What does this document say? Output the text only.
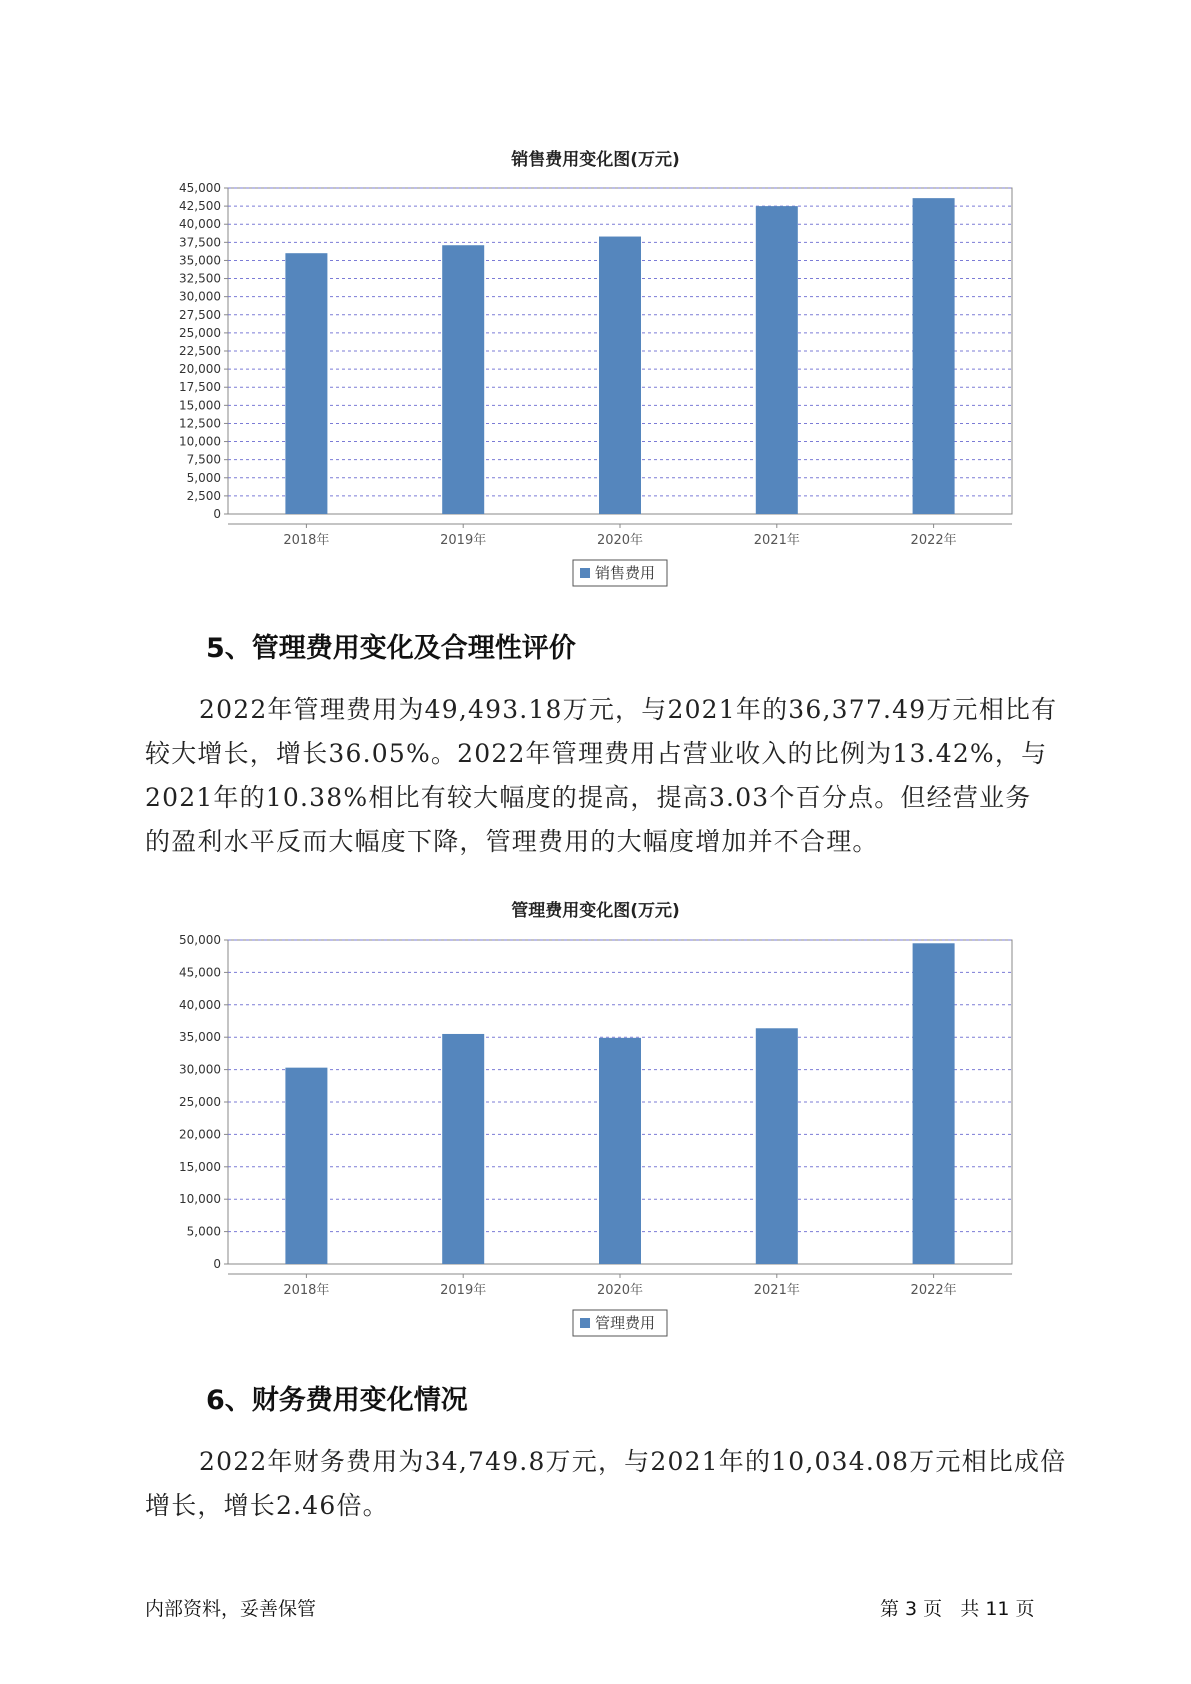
销售费用变化图(万元)
0
2,500
5,000
7,500
10,000
12,500
15,000
17,500
20,000
22,500
25,000
27,500
30,000
32,500
35,000
37,500
40,000
42,500
45,000
2018年	2019年	2020年	2021年	2022年
销售费用
5、管理费用变化及合理性评价
2022年管理费用为49,493.18万元，与2021年的36,377.49万元相比有
较大增长，增长36.05%。2022年管理费用占营业收入的比例为13.42%，与
2021年的10.38%相比有较大幅度的提高，提高3.03个百分点。但经营业务
的盈利水平反而大幅度下降，管理费用的大幅度增加并不合理。
管理费用变化图(万元)
0
5,000
10,000
15,000
20,000
25,000
30,000
35,000
40,000
45,000
50,000
2018年	2019年	2020年	2021年	2022年
管理费用
6、财务费用变化情况
2022年财务费用为34,749.8万元，与2021年的10,034.08万元相比成倍
增长，增长2.46倍。
内部资料，妥善保管	第 3 页   共 11 页
